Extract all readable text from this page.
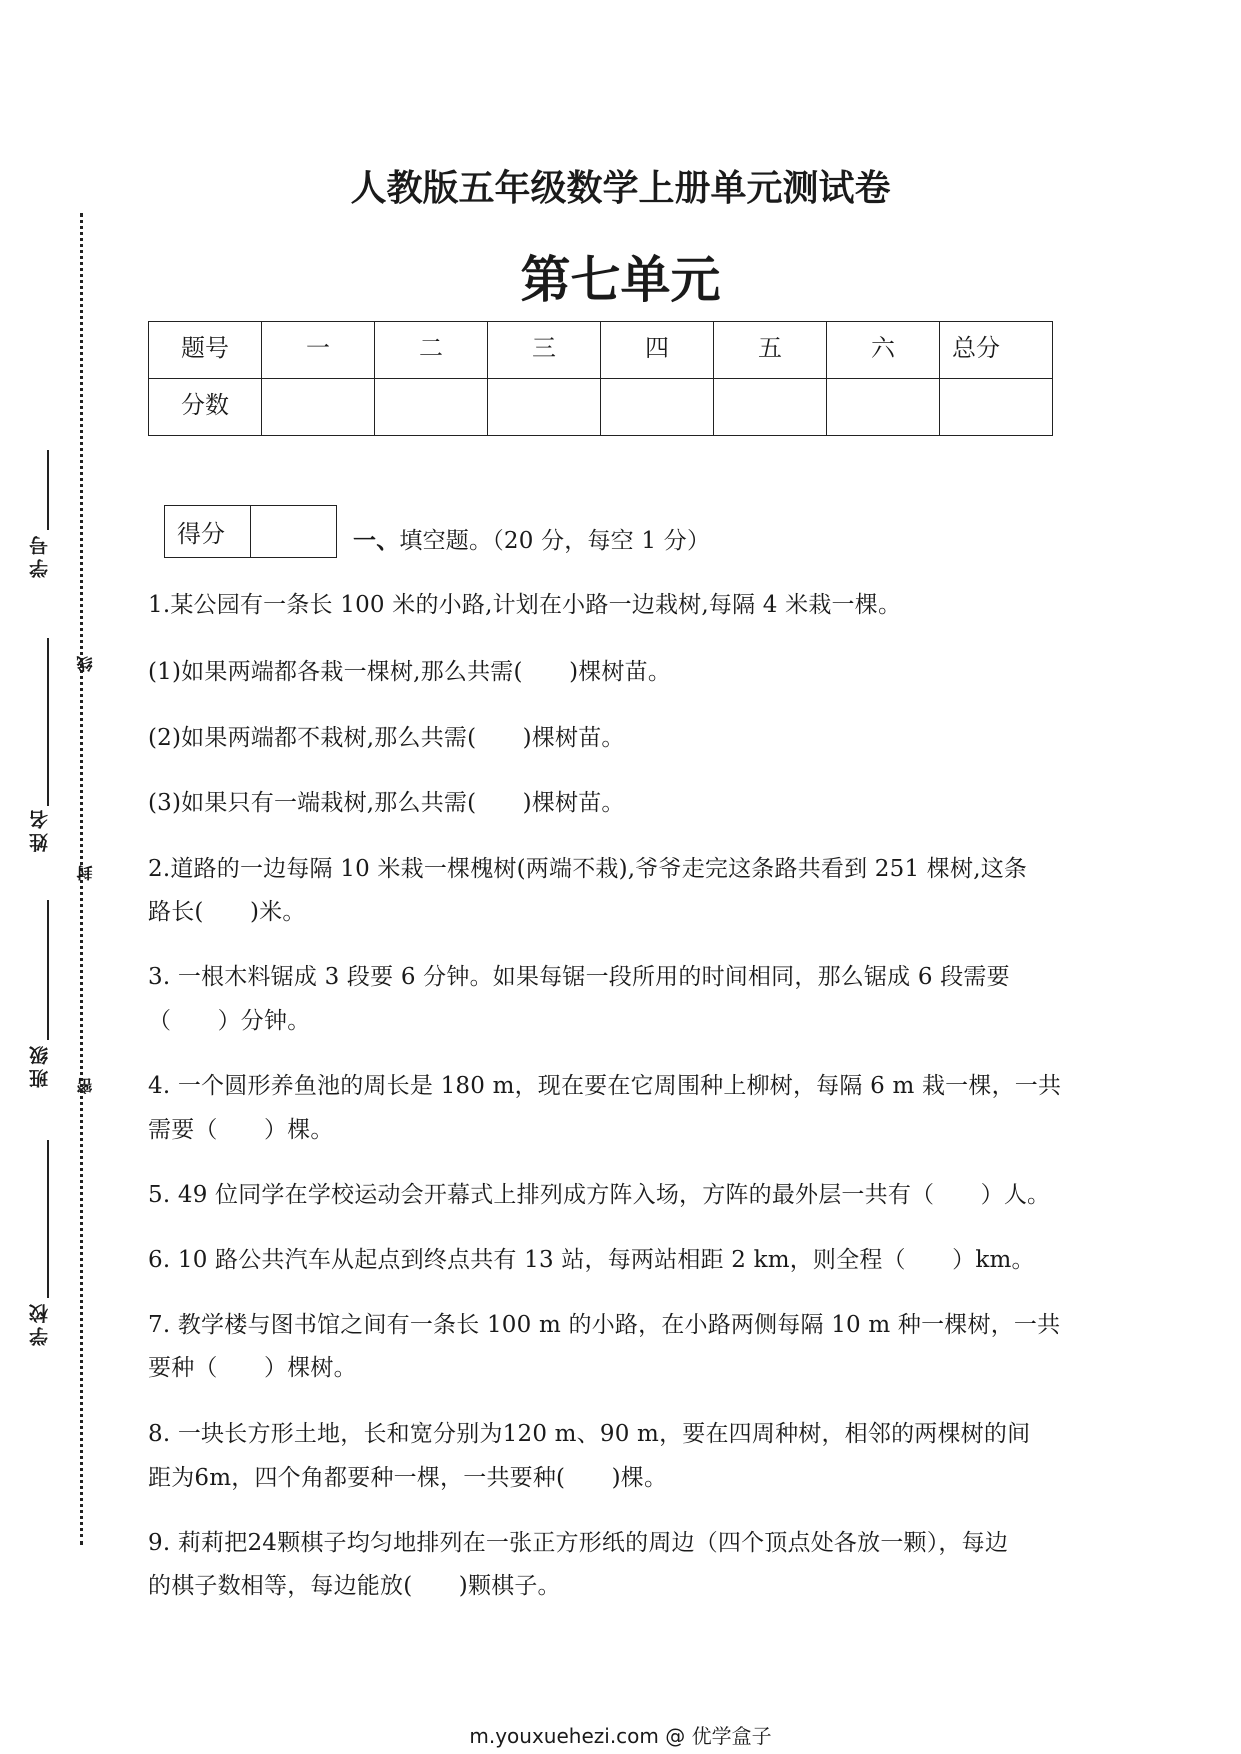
学号
线
姓名
封
班级 密
学校
人教版五年级数学上册单元测试卷
第七单元
题号	一	二	三	四	五	六	总分
分数							
得分		一、填空题。（20 分，每空 1 分）
1.某公园有一条长 100 米的小路,计划在小路一边栽树,每隔 4 米栽一棵。
(1)如果两端都各栽一棵树,那么共需(　　)棵树苗。
(2)如果两端都不栽树,那么共需(　　)棵树苗。
(3)如果只有一端栽树,那么共需(　　)棵树苗。
2.道路的一边每隔 10 米栽一棵槐树(两端不栽),爷爷走完这条路共看到 251 棵树,这条
路长(　　)米。
3. 一根木料锯成 3 段要 6 分钟。如果每锯一段所用的时间相同，那么锯成 6 段需要
（　　）分钟。
4. 一个圆形养鱼池的周长是 180 m，现在要在它周围种上柳树，每隔 6 m 栽一棵，一共
需要（　　）棵。
5. 49 位同学在学校运动会开幕式上排列成方阵入场，方阵的最外层一共有（　　）人。
6. 10 路公共汽车从起点到终点共有 13 站，每两站相距 2 km，则全程（　　）km。
7. 教学楼与图书馆之间有一条长 100 m 的小路，在小路两侧每隔 10 m 种一棵树，一共
要种（　　）棵树。
8. 一块长方形土地，长和宽分别为120 m、90 m，要在四周种树，相邻的两棵树的间
距为6m，四个角都要种一棵，一共要种(　　)棵。
9. 莉莉把24颗棋子均匀地排列在一张正方形纸的周边（四个顶点处各放一颗），每边
的棋子数相等，每边能放(　　)颗棋子。
m.youxuehezi.com @ 优学盒子
